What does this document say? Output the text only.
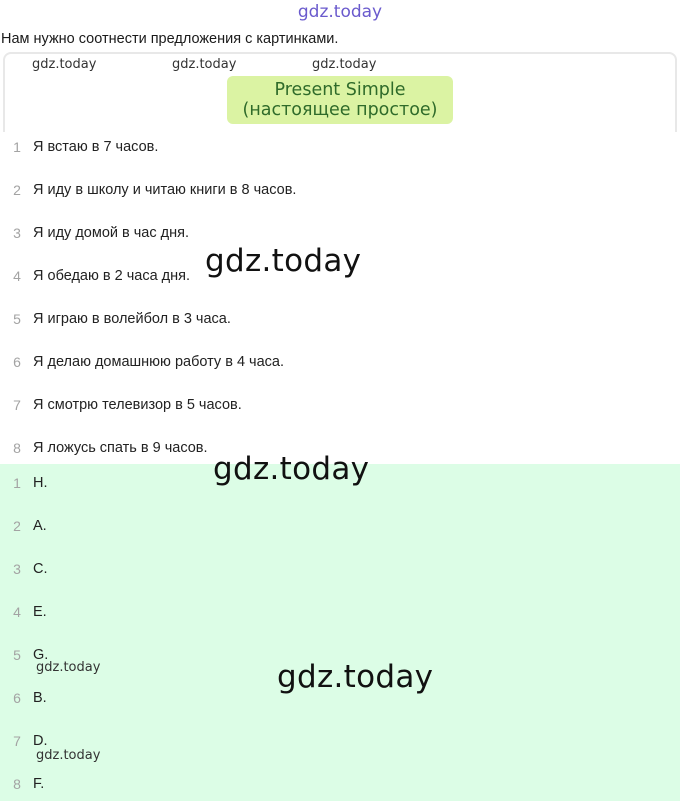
gdz.today
Нам нужно соотнести предложения с картинками.
gdz.today	gdz.today	gdz.today
Present Simple
(настоящее простое)
1 Я встаю в 7 часов.
2 Я иду в школу и читаю книги в 8 часов.
3 Я иду домой в час дня.
4 Я обедаю в 2 часа дня.
5 Я играю в волейбол в 3 часа.
6 Я делаю домашнюю работу в 4 часа.
7 Я смотрю телевизор в 5 часов.
8 Я ложусь спать в 9 часов.
1 H.
2 A.
3 C.
4 E.
5 G.
6 B.
7 D.
8 F.
gdz.today
gdz.today
gdz.today
gdz.today
gdz.today
